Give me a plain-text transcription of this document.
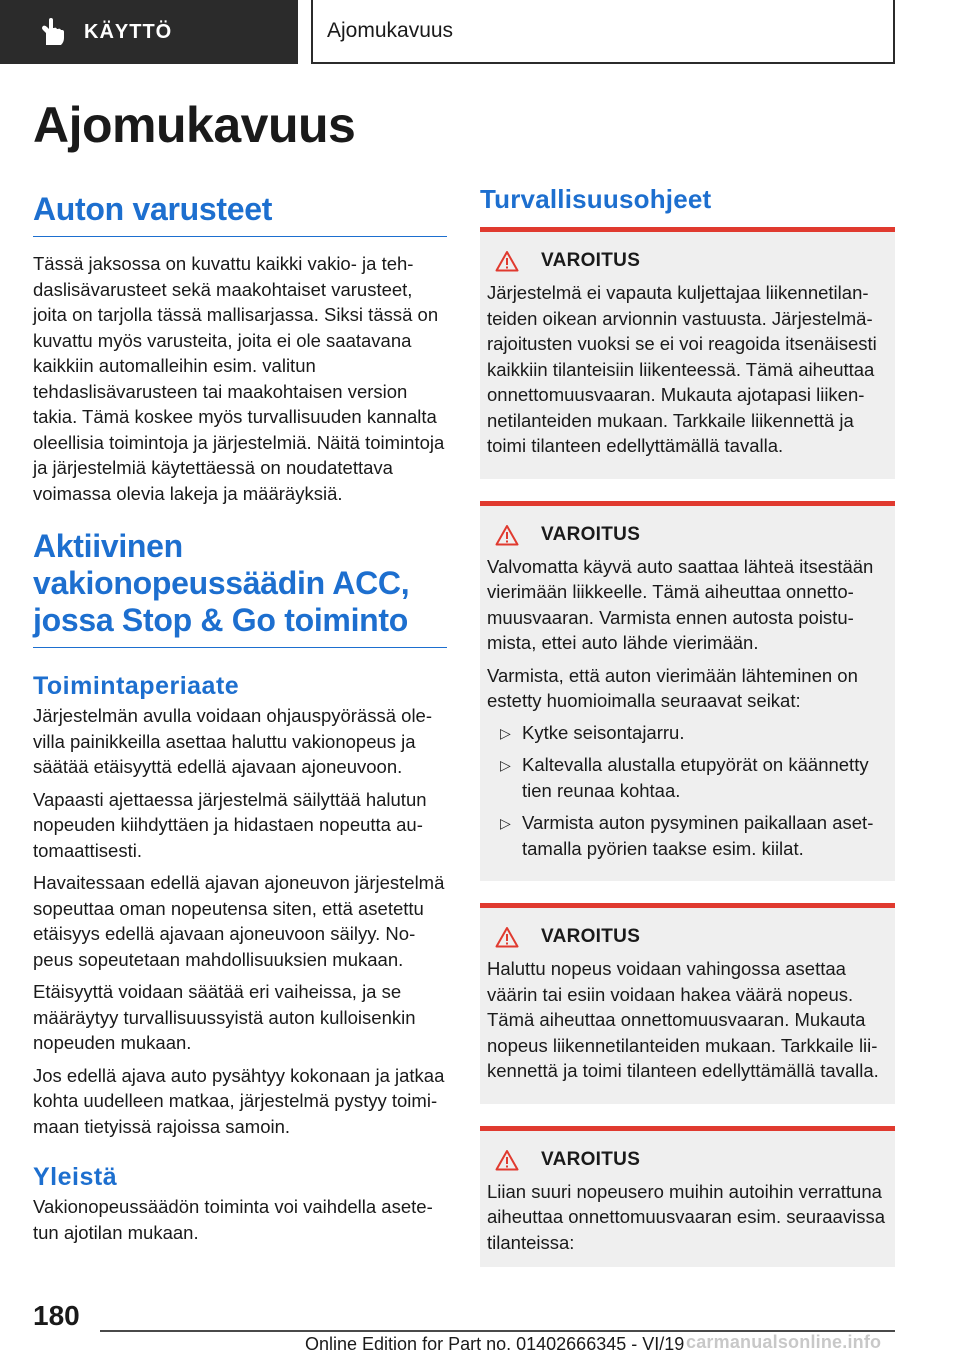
KÄYTTÖ	Ajomukavuus
Ajomukavuus
Auton varusteet

Tässä jaksossa on kuvattu kaikki vakio- ja tehdaslisävarusteet sekä maakohtaiset varusteet, joita on tarjolla tässä mallisarjassa. Siksi tässä on kuvattu myös varusteita, joita ei ole saatavana kaikkiin automalleihin esim. valitun tehdaslisävarusteen tai maakohtaisen version takia. Tämä koskee myös turvallisuuden kannalta oleellisia toimintoja ja järjestelmiä. Näitä toimintoja ja järjestelmiä käytettäessä on noudatettava voimassa olevia lakeja ja määräyksiä.

Aktiivinen vakionopeussäädin ACC, jossa Stop & Go toiminto
Toimintaperiaate

Järjestelmän avulla voidaan ohjauspyörässä olevilla painikkeilla asettaa haluttu vakionopeus ja säätää etäisyyttä edellä ajavaan ajoneuvoon.

Vapaasti ajettaessa järjestelmä säilyttää halutun nopeuden kiihdyttäen ja hidastaen nopeutta automaattisesti.

Havaitessaan edellä ajavan ajoneuvon järjestelmä sopeuttaa oman nopeutensa siten, että asetettu etäisyys edellä ajavaan ajoneuvoon säilyy. Nopeus sopeutetaan mahdollisuuksien mukaan.

Etäisyyttä voidaan säätää eri vaiheissa, ja se määräytyy turvallisuussyistä auton kulloisenkin nopeuden mukaan.

Jos edellä ajava auto pysähtyy kokonaan ja jatkaa kohta uudelleen matkaa, järjestelmä pystyy toimimaan tietyissä rajoissa samoin.

Yleistä

Vakionopeussäädön toiminta voi vaihdella asetetun ajotilan mukaan.

Turvallisuusohjeet
VAROITUS

Järjestelmä ei vapauta kuljettajaa liikennetilanteiden oikean arvionnin vastuusta. Järjestelmärajoitusten vuoksi se ei voi reagoida itsenäisesti kaikkiin tilanteisiin liikenteessä. Tämä aiheuttaa onnettomuusvaaran. Mukauta ajotapasi liikennetilanteiden mukaan. Tarkkaile liikennettä ja toimi tilanteen edellyttämällä tavalla.

VAROITUS

Valvomatta käyvä auto saattaa lähteä itsestään vierimään liikkeelle. Tämä aiheuttaa onnettomuusvaaran. Varmista ennen autosta poistumista, ettei auto lähde vierimään.

Varmista, että auton vierimään lähteminen on estetty huomioimalla seuraavat seikat:

▷ Kytke seisontajarru.
▷ Kaltevalla alustalla etupyörät on käännetty tien reunaa kohtaa.
▷ Varmista auton pysyminen paikallaan asettamalla pyörien taakse esim. kiilat.
VAROITUS

Haluttu nopeus voidaan vahingossa asettaa väärin tai esiin voidaan hakea väärä nopeus. Tämä aiheuttaa onnettomuusvaaran. Mukauta nopeus liikennetilanteiden mukaan. Tarkkaile liikennettä ja toimi tilanteen edellyttämällä tavalla.

VAROITUS

Liian suuri nopeusero muihin autoihin verrattuna aiheuttaa onnettomuusvaaran esim. seuraavissa tilanteissa:

180
Online Edition for Part no. 01402666345 - VI/19 carmanualsonline.info
